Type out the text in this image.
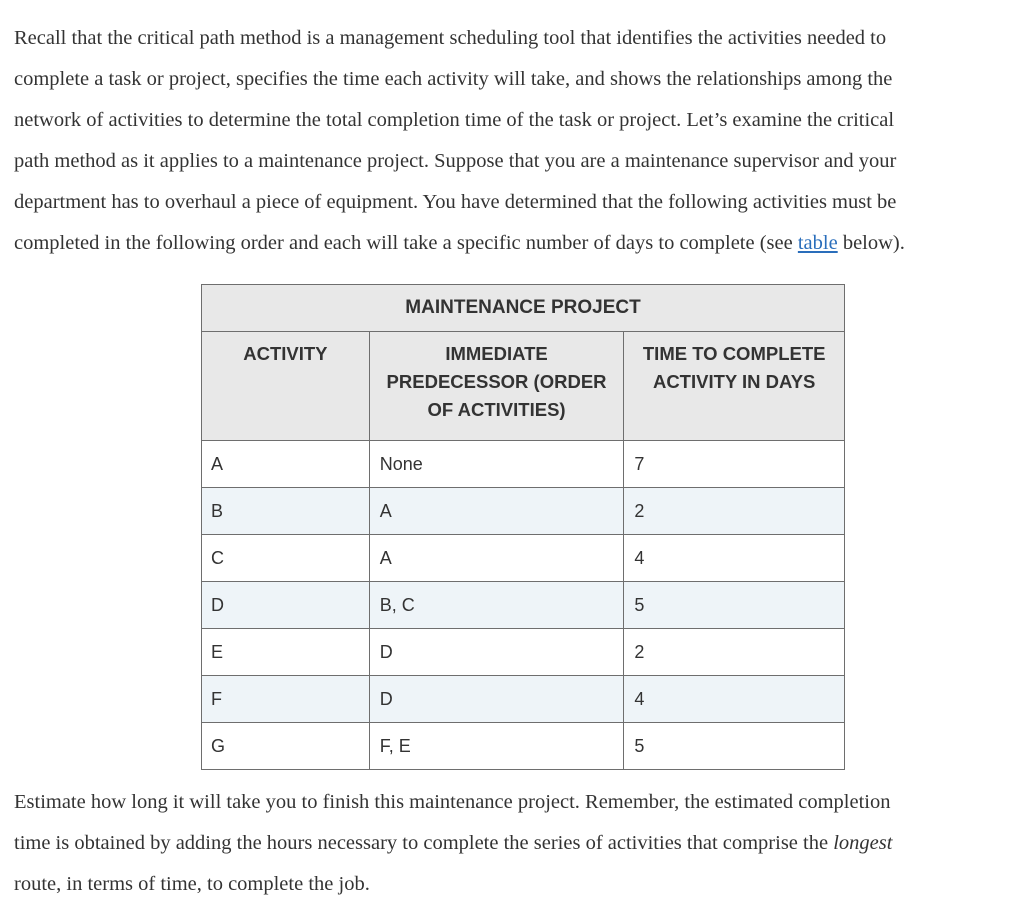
Recall that the critical path method is a management scheduling tool that identifies the activities needed to
complete a task or project, specifies the time each activity will take, and shows the relationships among the
network of activities to determine the total completion time of the task or project. Let’s examine the critical
path method as it applies to a maintenance project. Suppose that you are a maintenance supervisor and your
department has to overhaul a piece of equipment. You have determined that the following activities must be
completed in the following order and each will take a specific number of days to complete (see table below).

MAINTENANCE PROJECT		
ACTIVITY	IMMEDIATE PREDECESSOR (ORDER OF ACTIVITIES)	TIME TO COMPLETE ACTIVITY IN DAYS
A	None	7
B	A	2
C	A	4
D	B, C	5
E	D	2
F	D	4
G	F, E	5

Estimate how long it will take you to finish this maintenance project. Remember, the estimated completion
time is obtained by adding the hours necessary to complete the series of activities that comprise the longest
route, in terms of time, to complete the job.
